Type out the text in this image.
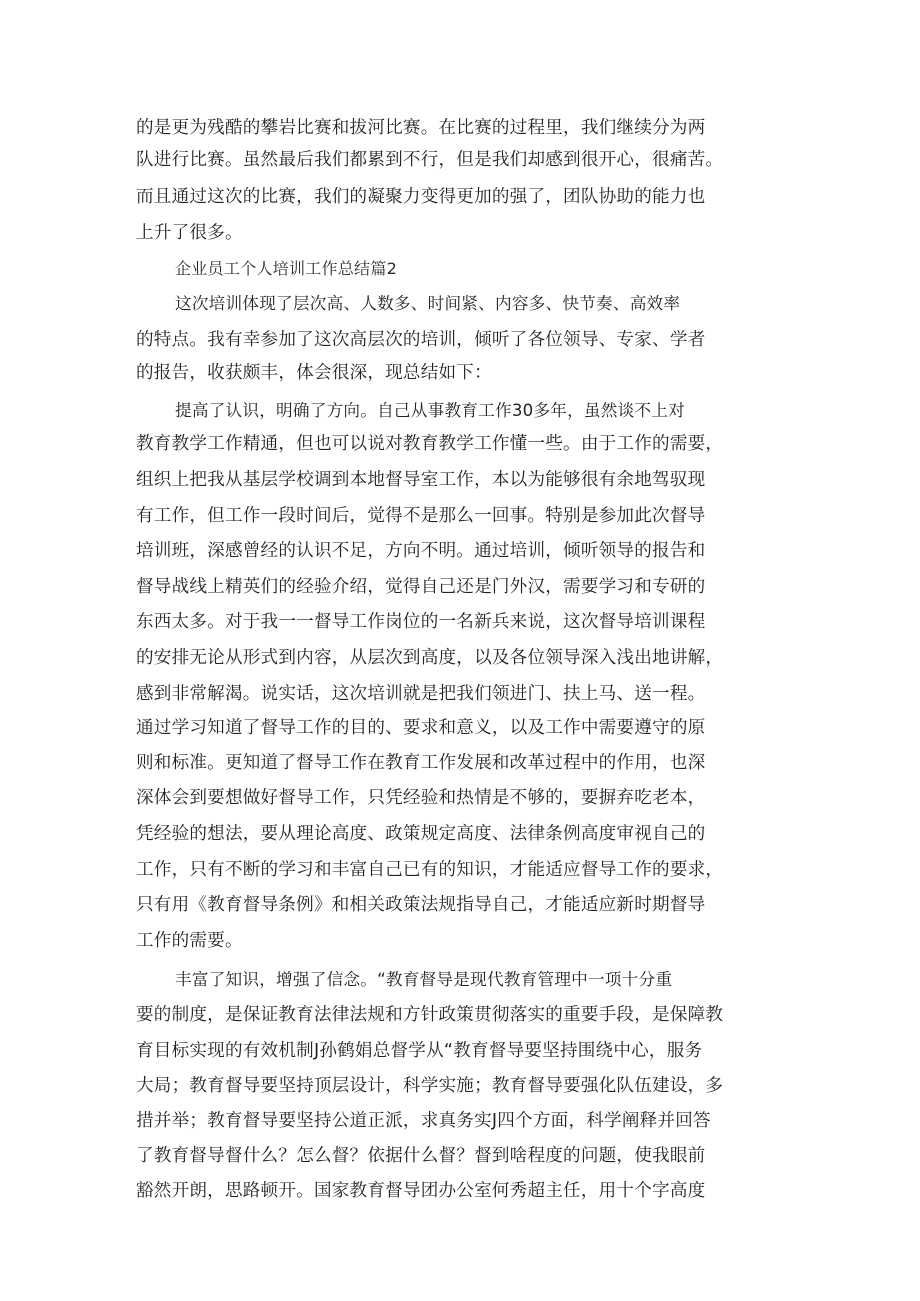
的是更为残酷的攀岩比赛和拔河比赛。在比赛的过程里，我们继续分为两
队进行比赛。虽然最后我们都累到不行，但是我们却感到很开心，很痛苦。
而且通过这次的比赛，我们的凝聚力变得更加的强了，团队协助的能力也
上升了很多。
企业员工个人培训工作总结篇2
这次培训体现了层次高、人数多、时间紧、内容多、快节奏、高效率
的特点。我有幸参加了这次高层次的培训，倾听了各位领导、专家、学者
的报告，收获颇丰，体会很深，现总结如下：
提高了认识，明确了方向。自己从事教育工作30多年，虽然谈不上对
教育教学工作精通，但也可以说对教育教学工作懂一些。由于工作的需要，
组织上把我从基层学校调到本地督导室工作，本以为能够很有余地驾驭现
有工作，但工作一段时间后，觉得不是那么一回事。特别是参加此次督导
培训班，深感曾经的认识不足，方向不明。通过培训，倾听领导的报告和
督导战线上精英们的经验介绍，觉得自己还是门外汉，需要学习和专研的
东西太多。对于我一一督导工作岗位的一名新兵来说，这次督导培训课程
的安排无论从形式到内容，从层次到高度，以及各位领导深入浅出地讲解，
感到非常解渴。说实话，这次培训就是把我们领进门、扶上马、送一程。
通过学习知道了督导工作的目的、要求和意义，以及工作中需要遵守的原
则和标准。更知道了督导工作在教育工作发展和改革过程中的作用，也深
深体会到要想做好督导工作，只凭经验和热情是不够的，要摒弃吃老本，
凭经验的想法，要从理论高度、政策规定高度、法律条例高度审视自己的
工作，只有不断的学习和丰富自己已有的知识，才能适应督导工作的要求，
只有用《教育督导条例》和相关政策法规指导自己，才能适应新时期督导
工作的需要。
丰富了知识，增强了信念。“教育督导是现代教育管理中一项十分重
要的制度，是保证教育法律法规和方针政策贯彻落实的重要手段，是保障教
育目标实现的有效机制J孙鹤娟总督学从“教育督导要坚持围绕中心，服务
大局；教育督导要坚持顶层设计，科学实施；教育督导要强化队伍建设，多
措并举；教育督导要坚持公道正派，求真务实J四个方面，科学阐释并回答
了教育督导督什么？怎么督？依据什么督？督到啥程度的问题，使我眼前
豁然开朗，思路顿开。国家教育督导团办公室何秀超主任，用十个字高度
